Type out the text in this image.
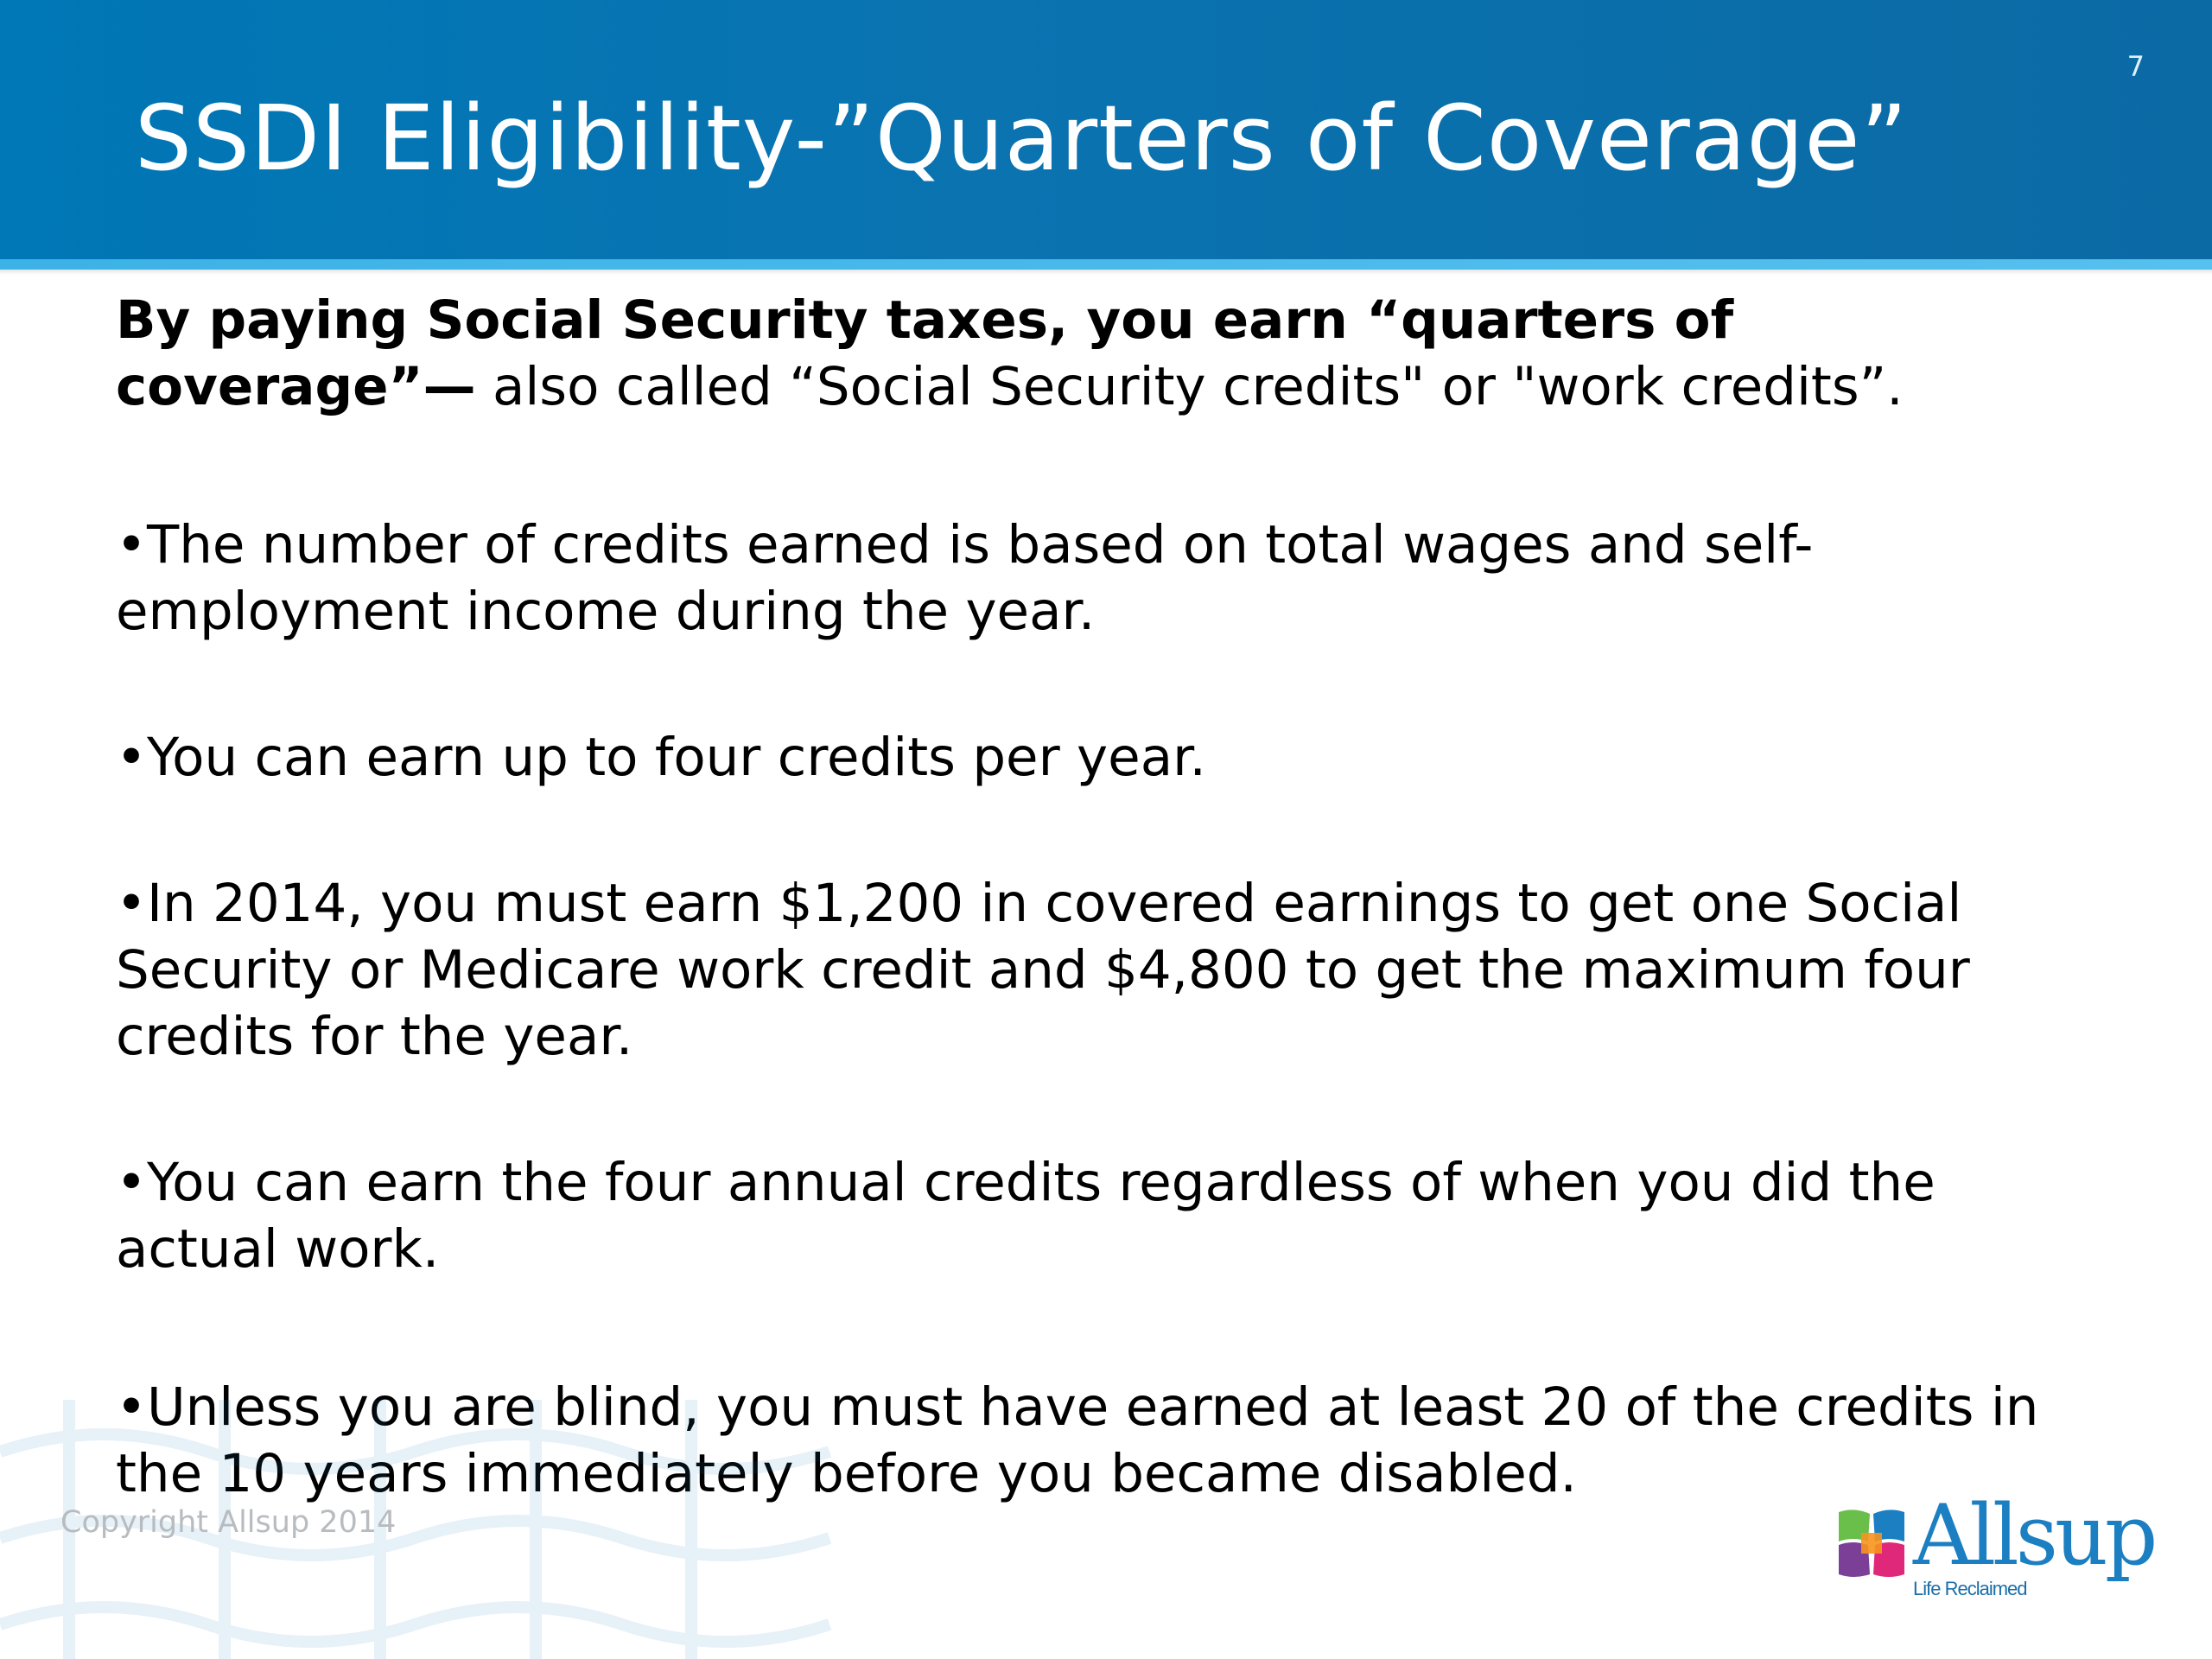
SSDI Eligibility-”Quarters of Coverage”
7

By paying Social Security taxes, you earn “quarters of coverage”— also called “Social Security credits" or "work credits”.

•The number of credits earned is based on total wages and self-employment income during the year.

•You can earn up to four credits per year.

•In 2014, you must earn $1,200 in covered earnings to get one Social Security or Medicare work credit and $4,800 to get the maximum four credits for the year.

•You can earn the four annual credits regardless of when you did the actual work.

•Unless you are blind, you must have earned at least 20 of the credits in the 10 years immediately before you became disabled.

Copyright Allsup 2014	Allsup
Life Reclaimed
